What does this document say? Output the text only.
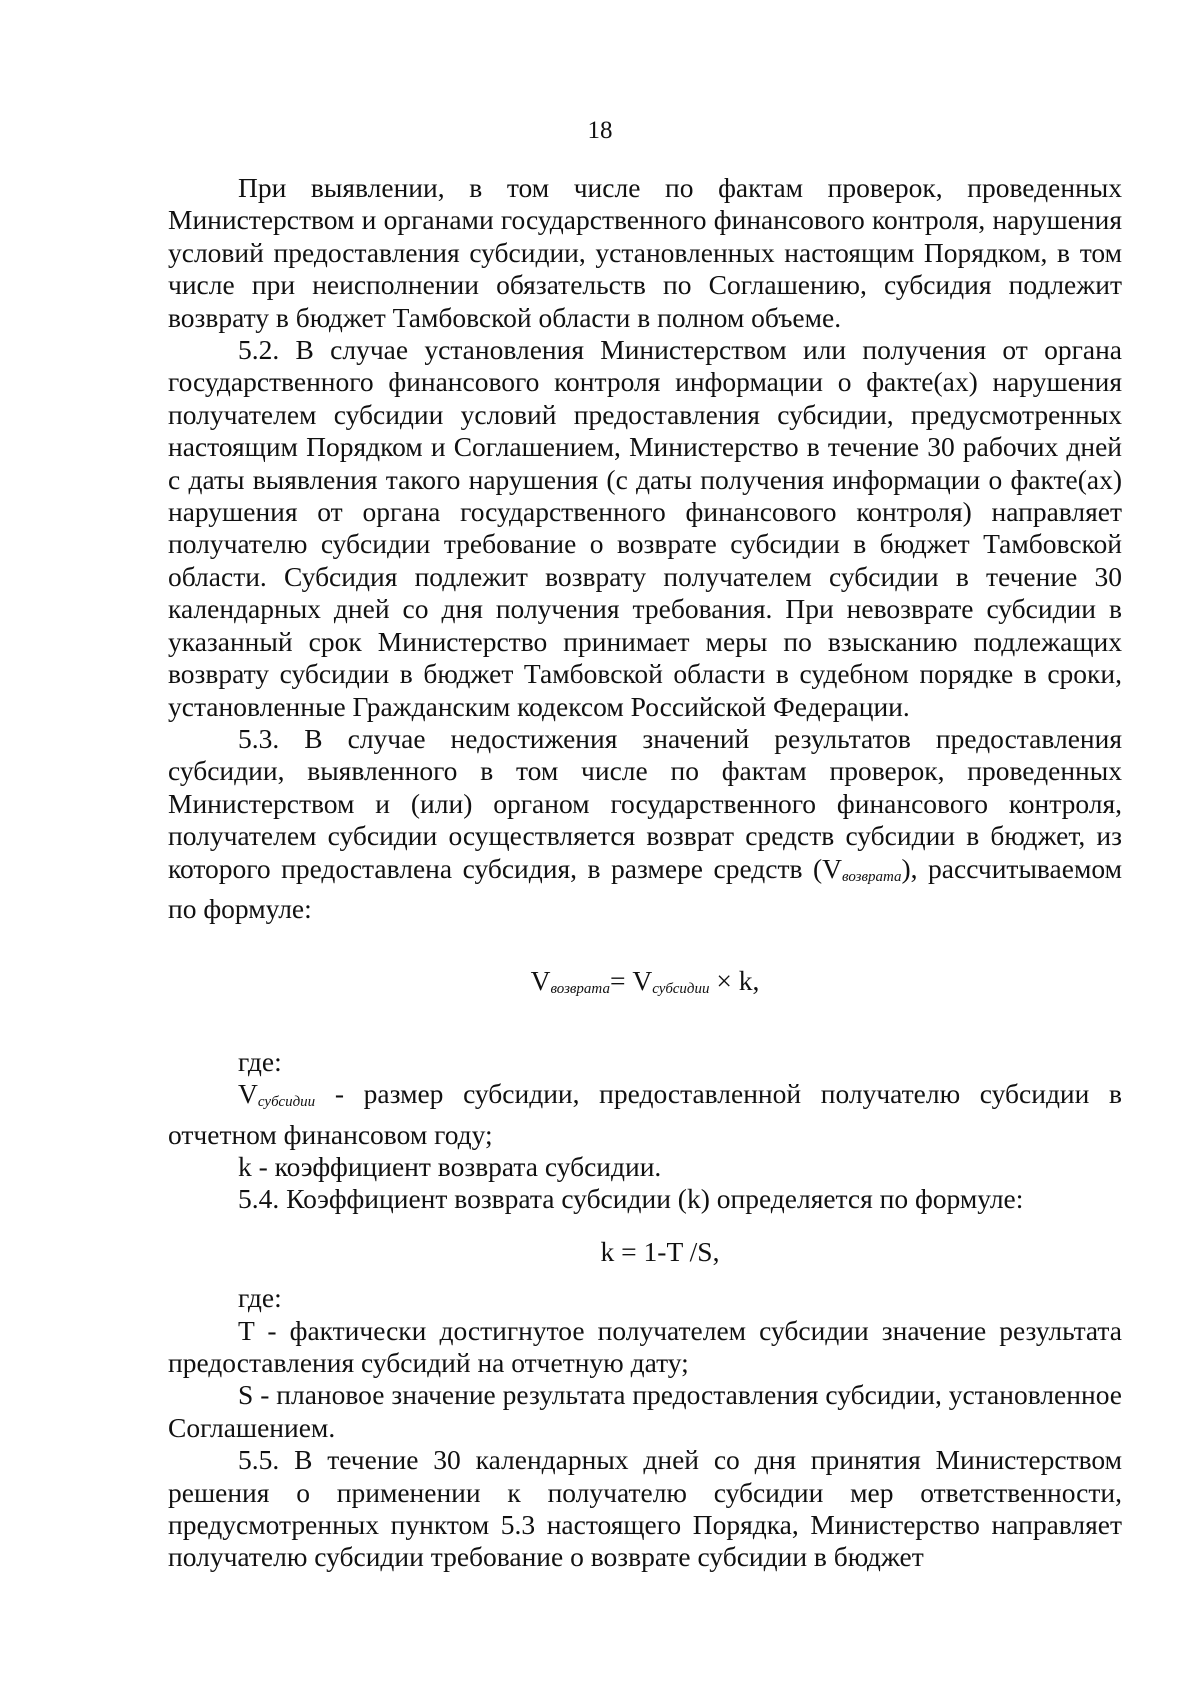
18

При выявлении, в том числе по фактам проверок, проведенных Министерством и органами государственного финансового контроля, нарушения условий предоставления субсидии, установленных настоящим Порядком, в том числе при неисполнении обязательств по Соглашению, субсидия подлежит возврату в бюджет Тамбовской области в полном объеме.

5.2. В случае установления Министерством или получения от органа государственного финансового контроля информации о факте(ах) нарушения получателем субсидии условий предоставления субсидии, предусмотренных настоящим Порядком и Соглашением, Министерство в течение 30 рабочих дней с даты выявления такого нарушения (с даты получения информации о факте(ах) нарушения от органа государственного финансового контроля) направляет получателю субсидии требование о возврате субсидии в бюджет Тамбовской области. Субсидия подлежит возврату получателем субсидии в течение 30 календарных дней со дня получения требования. При невозврате субсидии в указанный срок Министерство принимает меры по взысканию подлежащих возврату субсидии в бюджет Тамбовской области в судебном порядке в сроки, установленные Гражданским кодексом Российской Федерации.

5.3. В случае недостижения значений результатов предоставления субсидии, выявленного в том числе по фактам проверок, проведенных Министерством и (или) органом государственного финансового контроля, получателем субсидии осуществляется возврат средств субсидии в бюджет, из которого предоставлена субсидия, в размере средств $(V_{возврата})$, рассчитываемом по формуле:

$V_{возврата}= V_{субсидии} \times k$,

где:

$V_{субсидии}$ - размер субсидии, предоставленной получателю субсидии в отчетном финансовом году;

k - коэффициент возврата субсидии.

5.4. Коэффициент возврата субсидии (k) определяется по формуле:

k = 1-T /S,

где:

T - фактически достигнутое получателем субсидии значение результата предоставления субсидий на отчетную дату;

S - плановое значение результата предоставления субсидии, установленное Соглашением.

5.5. В течение 30 календарных дней со дня принятия Министерством решения о применении к получателю субсидии мер ответственности, предусмотренных пунктом 5.3 настоящего Порядка, Министерство направляет получателю субсидии требование о возврате субсидии в бюджет
